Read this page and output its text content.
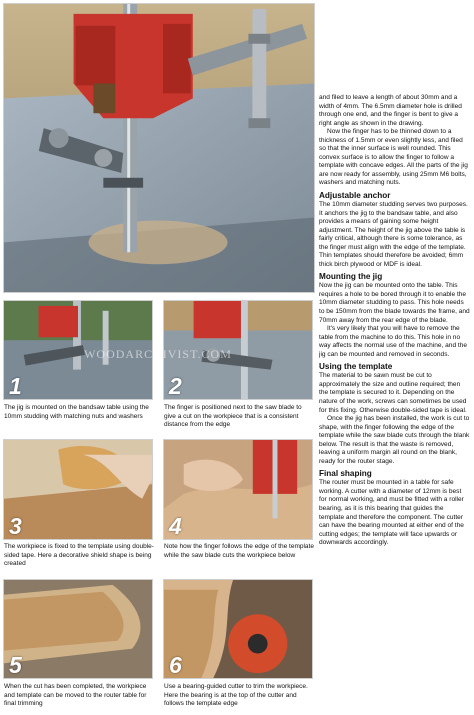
1	2
3	4
5	6
WOODARCHIVIST.COM
The jig is mounted on the bandsaw table using the 10mm studding with matching nuts and washers
The finger is positioned next to the saw blade to give a cut on the workpiece that is a consistent distance from the edge
The workpiece is fixed to the template using double-sided tape. Here a decorative shield shape is being created
Note how the finger follows the edge of the template while the saw blade cuts the workpiece below
When the cut has been completed, the workpiece and template can be moved to the router table for final trimming
Use a bearing-guided cutter to trim the workpiece. Here the bearing is at the top of the cutter and follows the template edge

and filed to leave a length of about 30mm and a width of 4mm. The 6.5mm diameter hole is drilled through one end, and the finger is bent to give a right angle as shown in the drawing.

Now the finger has to be thinned down to a thickness of 1.5mm or even slightly less, and filed so that the inner surface is well rounded. This convex surface is to allow the finger to follow a template with concave edges. All the parts of the jig are now ready for assembly, using 25mm M6 bolts, washers and matching nuts.

Adjustable anchor

The 10mm diameter studding serves two purposes. It anchors the jig to the bandsaw table, and also provides a means of gaining some height adjustment. The height of the jig above the table is fairly critical, although there is some tolerance, as the finger must align with the edge of the template. Thin templates should therefore be avoided; 6mm thick birch plywood or MDF is ideal.

Mounting the jig

Now the jig can be mounted onto the table. This requires a hole to be bored through it to enable the 10mm diameter studding to pass. This hole needs to be 150mm from the blade towards the frame, and 70mm away from the rear edge of the blade.

It's very likely that you will have to remove the table from the machine to do this. This hole in no way affects the normal use of the machine, and the jig can be mounted and removed in seconds.

Using the template

The material to be sawn must be cut to approximately the size and outline required; then the template is secured to it. Depending on the nature of the work, screws can sometimes be used for this fixing. Otherwise double-sided tape is ideal.

Once the jig has been installed, the work is cut to shape, with the finger following the edge of the template while the saw blade cuts through the blank below. The result is that the waste is removed, leaving a uniform margin all round on the blank, ready for the router stage.

Final shaping

The router must be mounted in a table for safe working. A cutter with a diameter of 12mm is best for normal working, and must be fitted with a roller bearing, as it is this bearing that guides the template and therefore the component. The cutter can have the bearing mounted at either end of the cutting edges; the template will face upwards or downwards accordingly.
